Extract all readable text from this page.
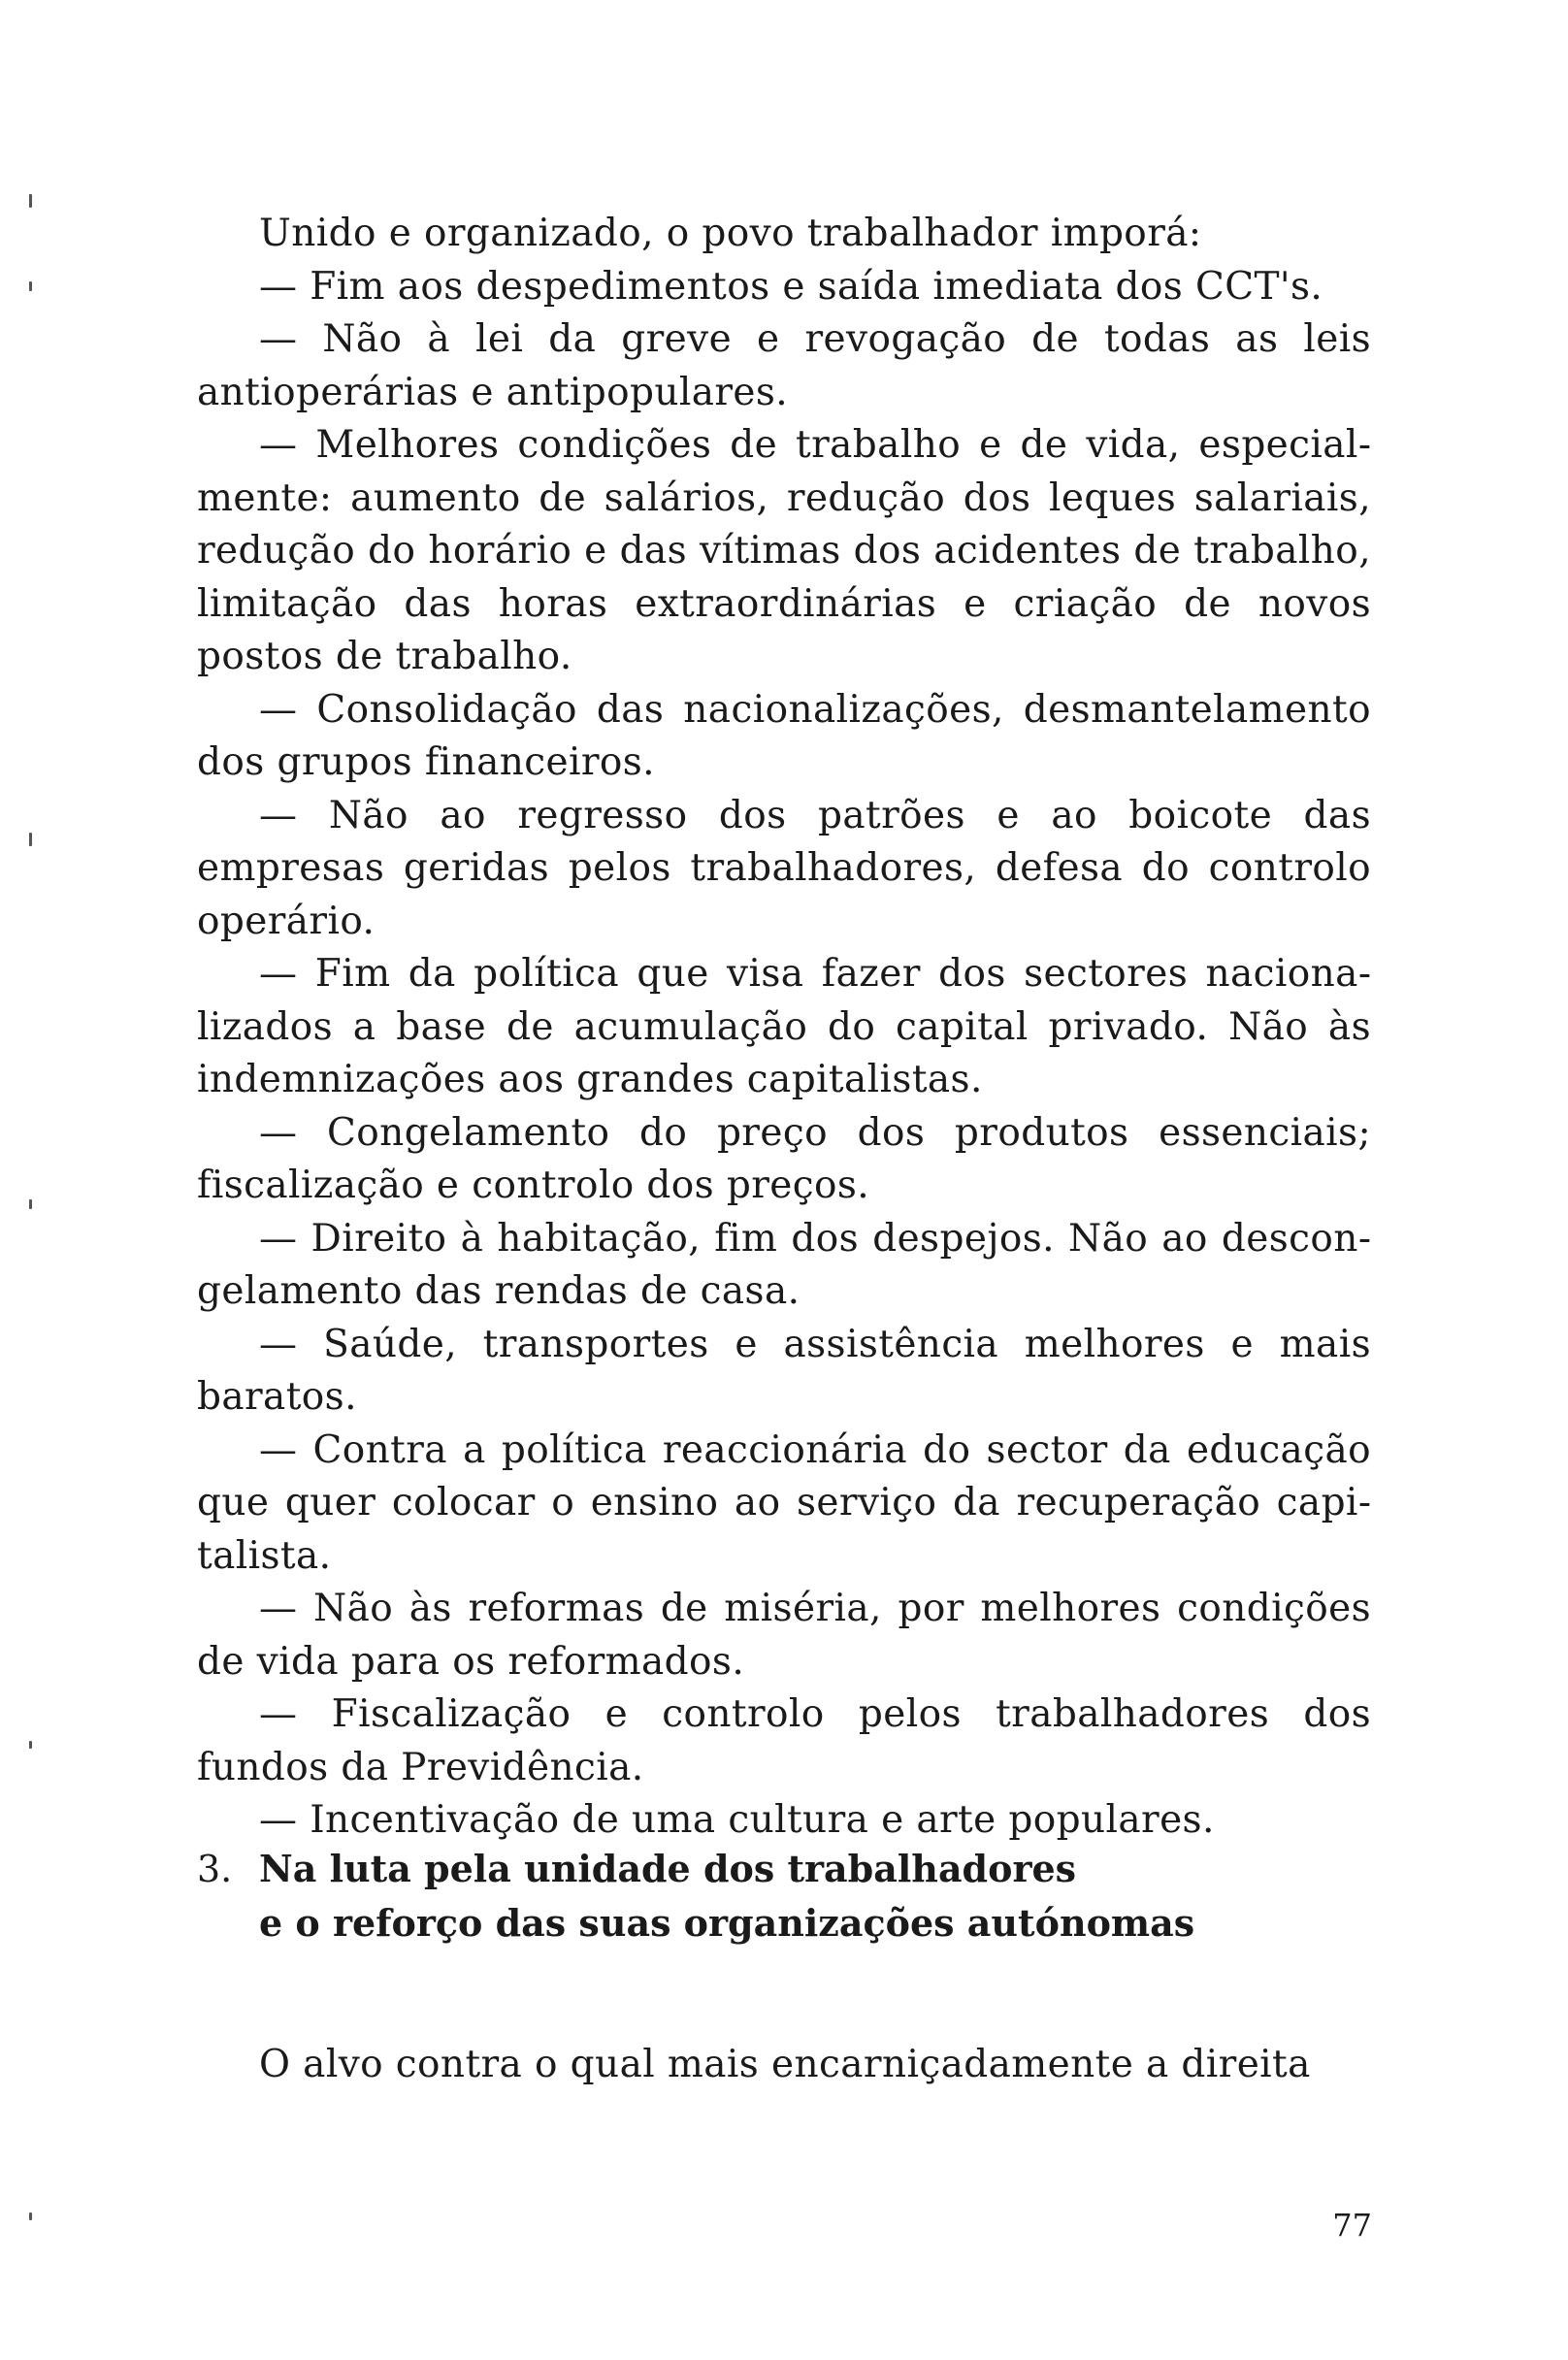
Unido e organizado, o povo trabalhador imporá:

— Fim aos despedimentos e saída imediata dos CCT's.

— Não à lei da greve e revogação de todas as leis antioperárias e antipopulares.

— Melhores condições de trabalho e de vida, especialmente: aumento de salários, redução dos leques salariais, redução do horário e das vítimas dos acidentes de trabalho, limitação das horas extraordinárias e criação de novos postos de trabalho.

— Consolidação das nacionalizações, desmantelamento dos grupos financeiros.

— Não ao regresso dos patrões e ao boicote das empresas geridas pelos trabalhadores, defesa do controlo operário.

— Fim da política que visa fazer dos sectores nacionalizados a base de acumulação do capital privado. Não às indemnizações aos grandes capitalistas.

— Congelamento do preço dos produtos essenciais; fiscalização e controlo dos preços.

— Direito à habitação, fim dos despejos. Não ao descongelamento das rendas de casa.

— Saúde, transportes e assistência melhores e mais baratos.

— Contra a política reaccionária do sector da educação que quer colocar o ensino ao serviço da recuperação capitalista.

— Não às reformas de miséria, por melhores condições de vida para os reformados.

— Fiscalização e controlo pelos trabalhadores dos fundos da Previdência.

— Incentivação de uma cultura e arte populares.

3. Na luta pela unidade dos trabalhadores
e o reforço das suas organizações autónomas

O alvo contra o qual mais encarniçadamente a direita

77
